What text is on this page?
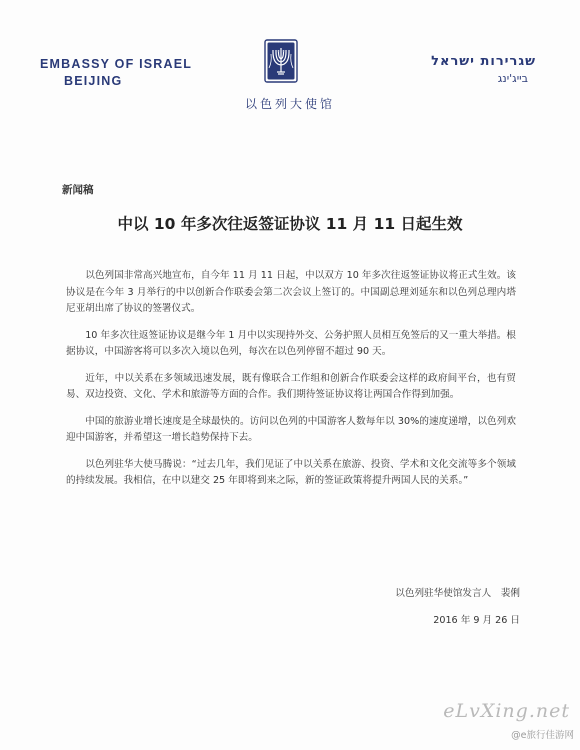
EMBASSY OF ISRAEL
BEIJING
שגרירות ישראל
בייג'ינג
以色列大使馆
新闻稿
中以 10 年多次往返签证协议 11 月 11 日起生效

以色列国非常高兴地宣布，自今年 11 月 11 日起，中以双方 10 年多次往返签证协议将正式生效。该协议是在今年 3 月举行的中以创新合作联委会第二次会议上签订的。中国副总理刘延东和以色列总理内塔尼亚胡出席了协议的签署仪式。

10 年多次往返签证协议是继今年 1 月中以实现持外交、公务护照人员相互免签后的又一重大举措。根据协议，中国游客将可以多次入境以色列，每次在以色列停留不超过 90 天。

近年，中以关系在多领域迅速发展，既有像联合工作组和创新合作联委会这样的政府间平台，也有贸易、双边投资、文化、学术和旅游等方面的合作。我们期待签证协议将让两国合作得到加强。

中国的旅游业增长速度是全球最快的。访问以色列的中国游客人数每年以 30%的速度递增，以色列欢迎中国游客，并希望这一增长趋势保持下去。

以色列驻华大使马腾说：“过去几年，我们见证了中以关系在旅游、投资、学术和文化交流等多个领域的持续发展。我相信，在中以建交 25 年即将到来之际，新的签证政策将提升两国人民的关系。”

以色列驻华使馆发言人　裴俐
2016 年 9 月 26 日
eLvXing.net
@e旅行佳游网
